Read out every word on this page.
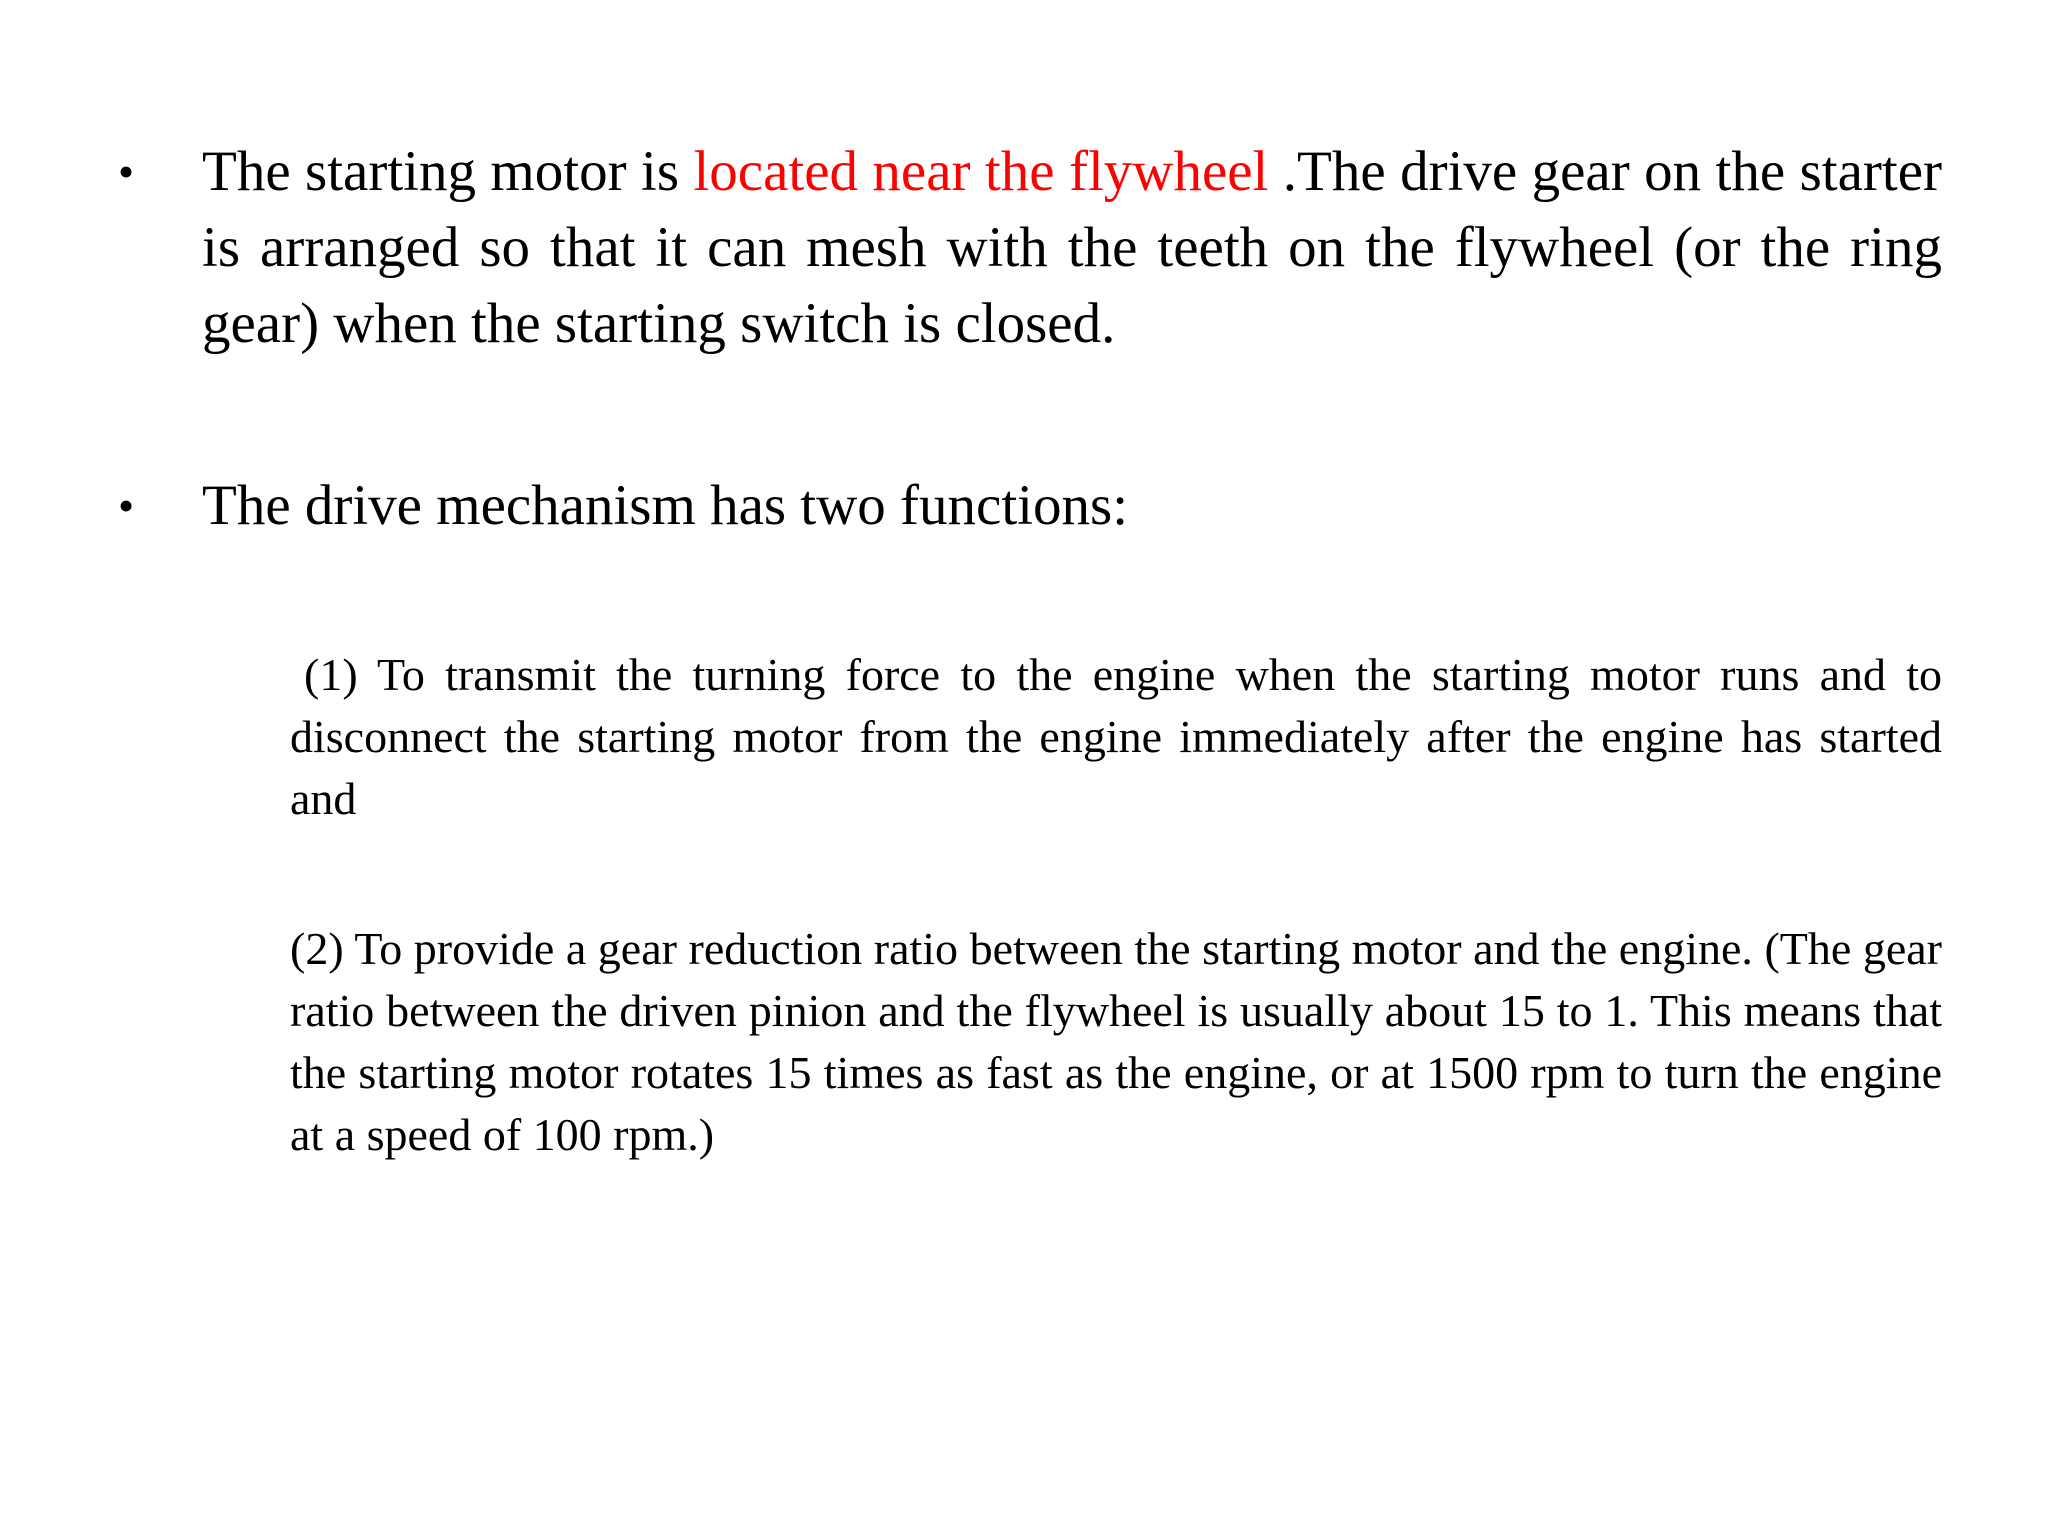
• The starting motor is located near the flywheel .The drive gear on the starter is arranged so that it can mesh with the teeth on the flywheel (or the ring gear) when the starting switch is closed.
• The drive mechanism has two functions:
(1) To transmit the turning force to the engine when the starting motor runs and to disconnect the starting motor from the engine immediately after the engine has started and
(2) To provide a gear reduction ratio between the starting motor and the engine. (The gear ratio between the driven pinion and the flywheel is usually about 15 to 1. This means that the starting motor rotates 15 times as fast as the engine, or at 1500 rpm to turn the engine at a speed of 100 rpm.)
